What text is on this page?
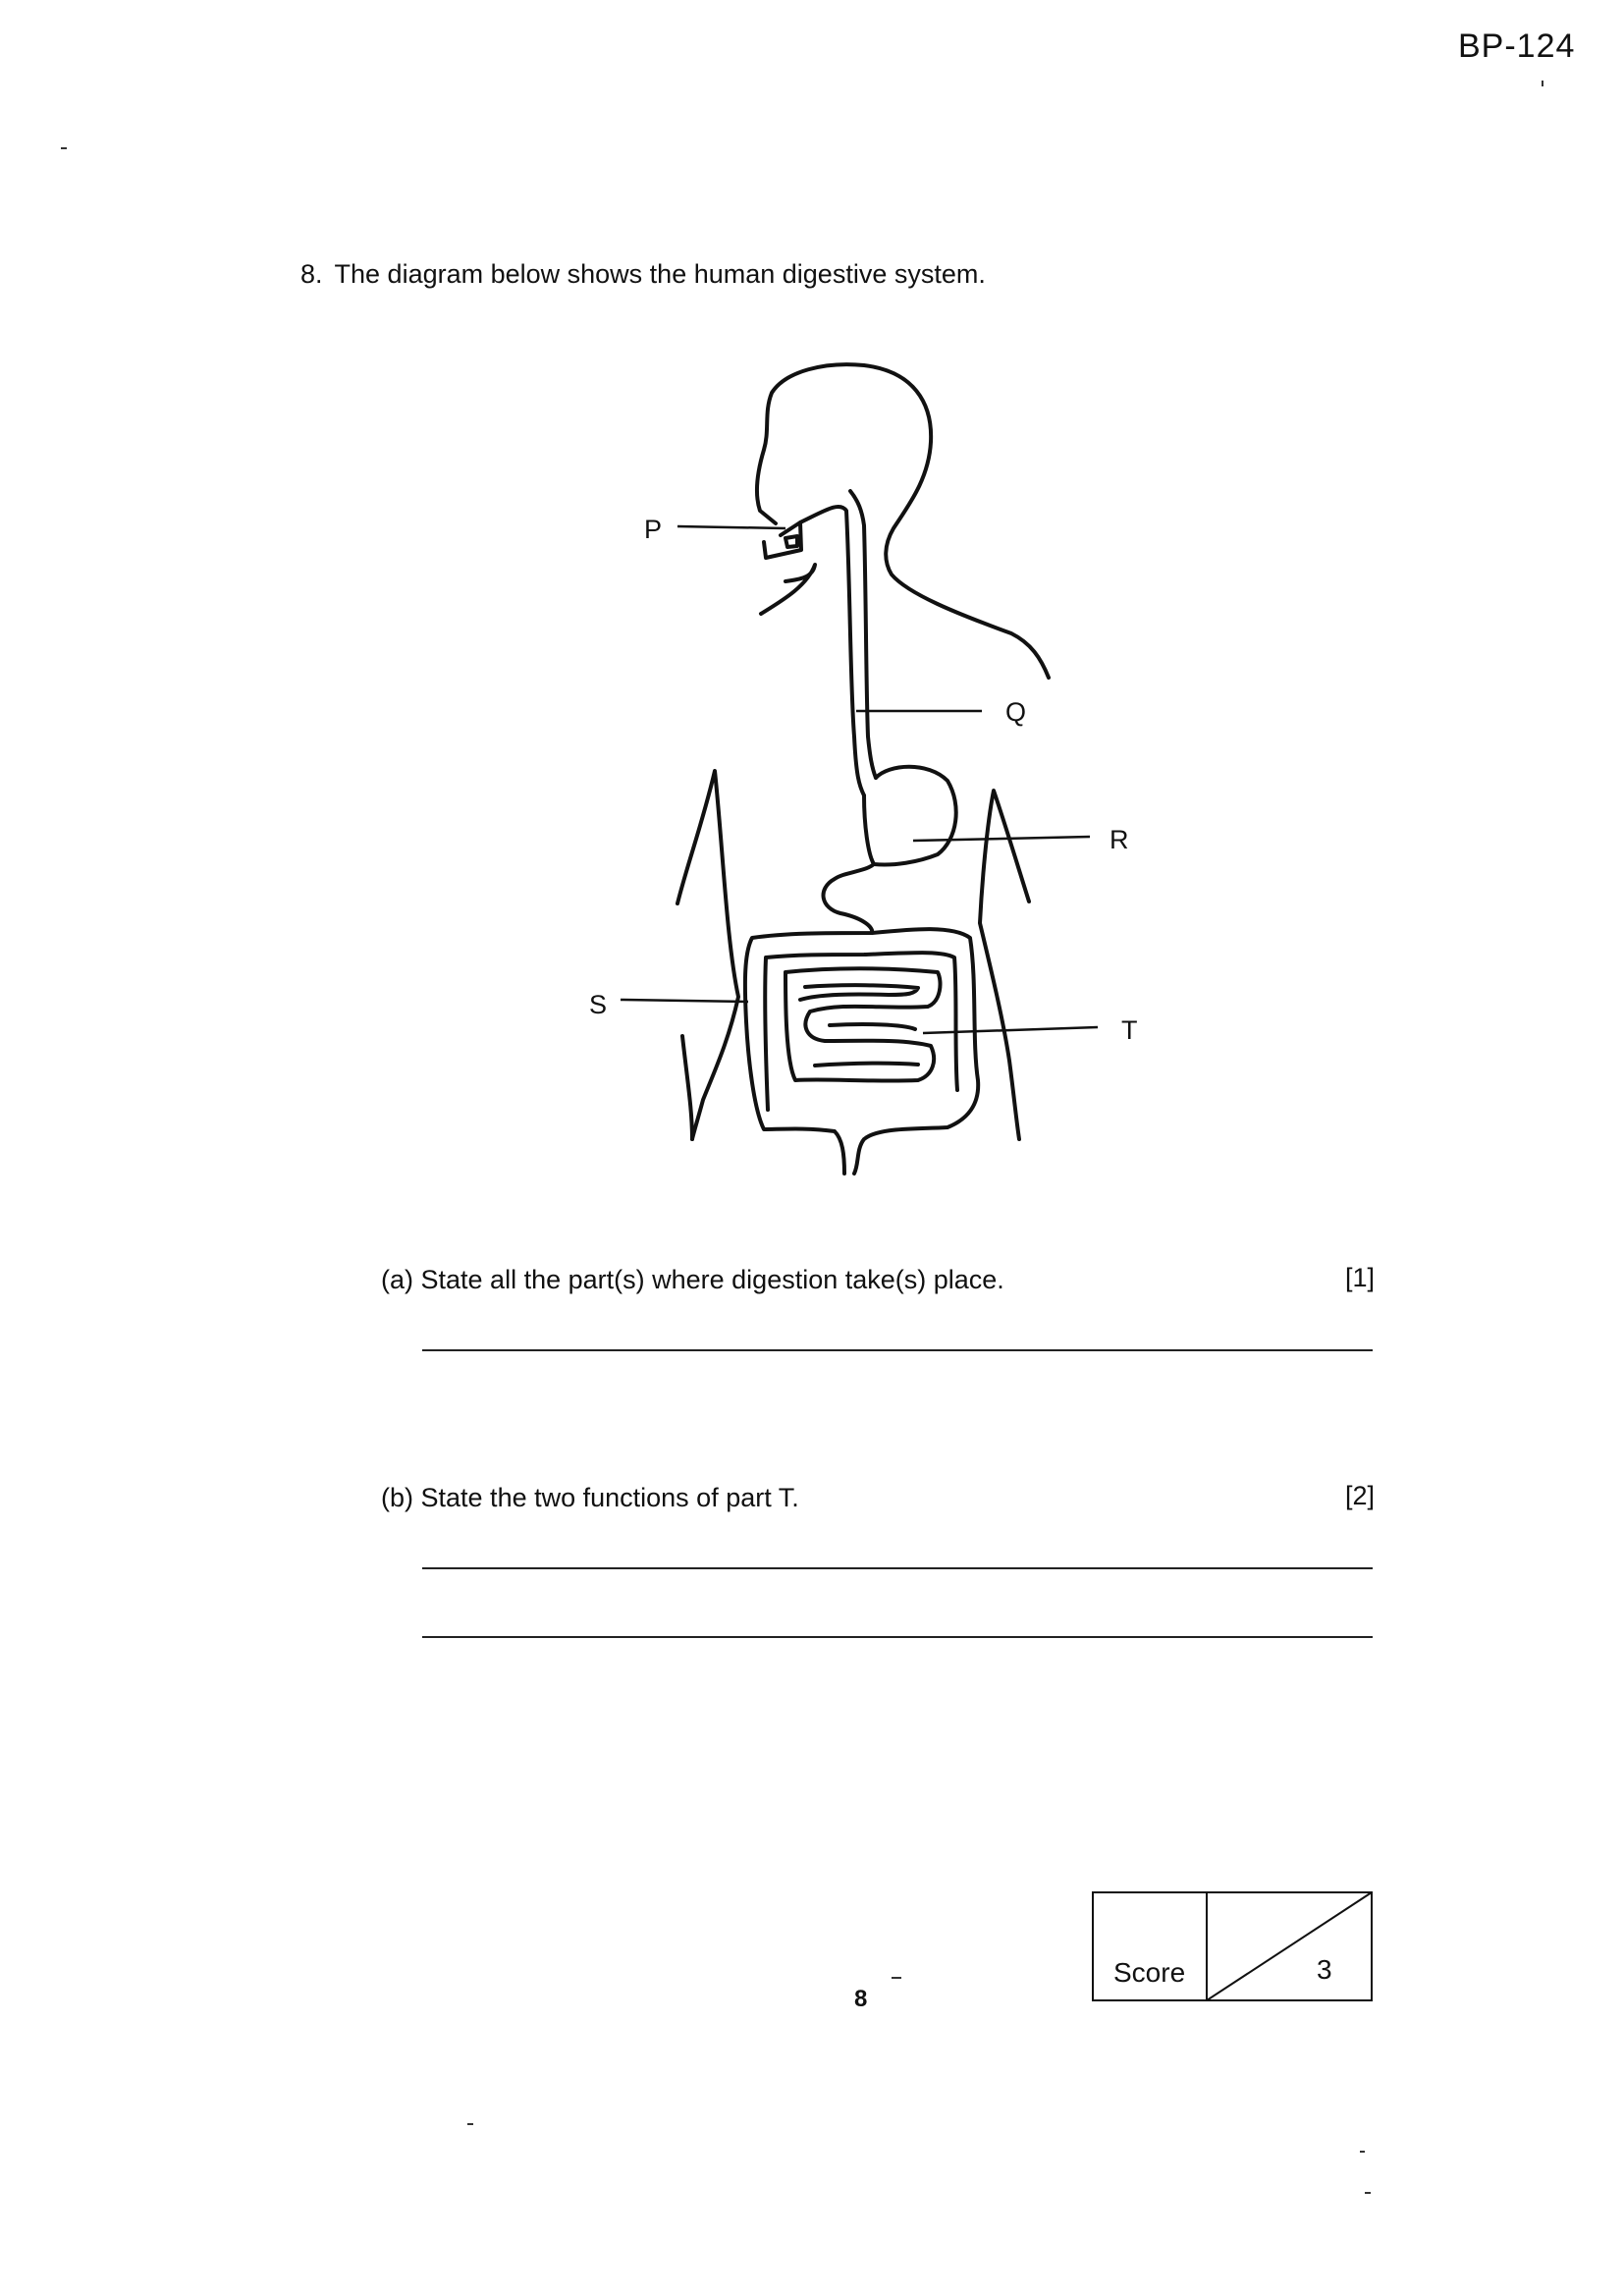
BP-124
8. The diagram below shows the human digestive system.
P
Q
R
S
T
(a) State all the part(s) where digestion take(s) place.	[1]
(b) State the two functions of part T.	[2]
8
Score	3
